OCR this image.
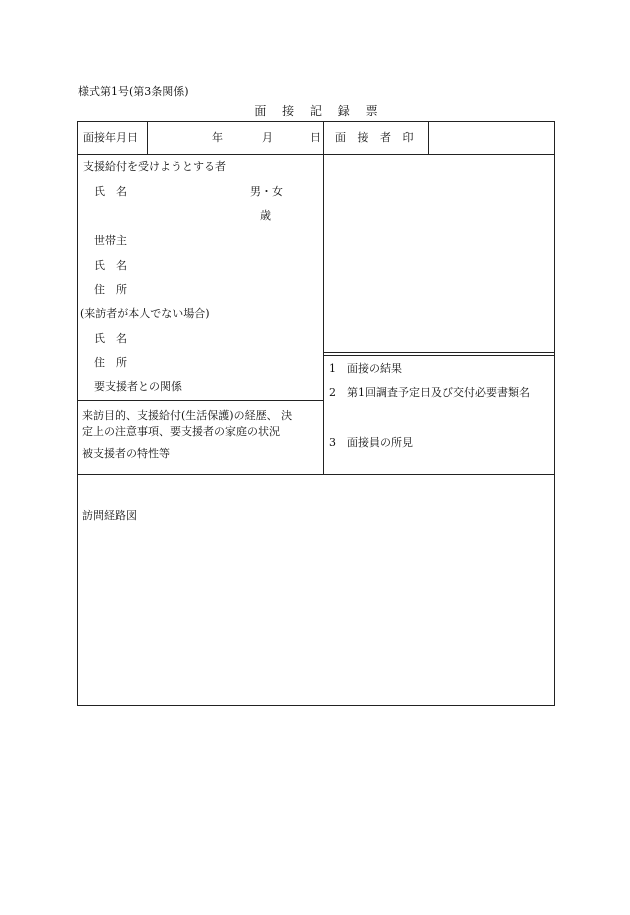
様式第1号(第3条関係)
面 接 記 録 票
面接年月日	年	月	日 面 接 者 印
支援給付を受けようとする者
氏　名	男・女
歳
世帯主
氏　名
住　所
(来訪者が本人でない場合)
氏　名
住　所
要支援者との関係
1　面接の結果
2　第1回調査予定日及び交付必要書類名
3　面接員の所見
来訪目的、支援給付(生活保護)の経歴、 決
定上の注意事項、要支援者の家庭の状況
被支援者の特性等
訪問経路図
